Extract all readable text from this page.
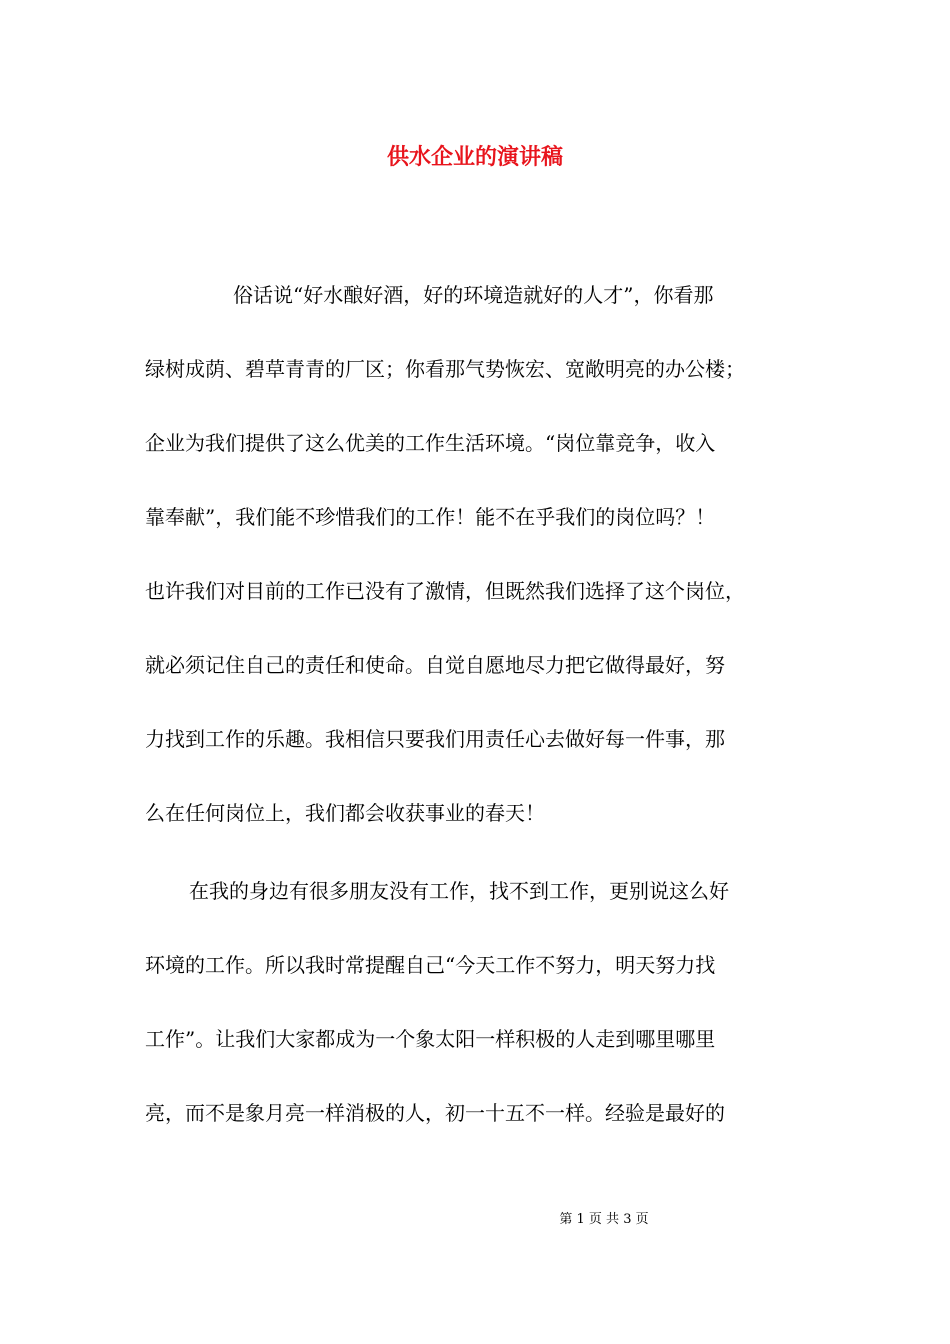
供水企业的演讲稿
俗话说“好水酿好酒，好的环境造就好的人才”，你看那
绿树成荫、碧草青青的厂区；你看那气势恢宏、宽敞明亮的办公楼；
企业为我们提供了这么优美的工作生活环境。“岗位靠竞争，收入
靠奉献”，我们能不珍惜我们的工作！能不在乎我们的岗位吗？！
也许我们对目前的工作已没有了激情，但既然我们选择了这个岗位，
就必须记住自己的责任和使命。自觉自愿地尽力把它做得最好，努
力找到工作的乐趣。我相信只要我们用责任心去做好每一件事，那
么在任何岗位上，我们都会收获事业的春天！
在我的身边有很多朋友没有工作，找不到工作，更别说这么好
环境的工作。所以我时常提醒自己“今天工作不努力，明天努力找
工作”。让我们大家都成为一个象太阳一样积极的人走到哪里哪里
亮，而不是象月亮一样消极的人，初一十五不一样。经验是最好的
第 1 页 共 3 页
